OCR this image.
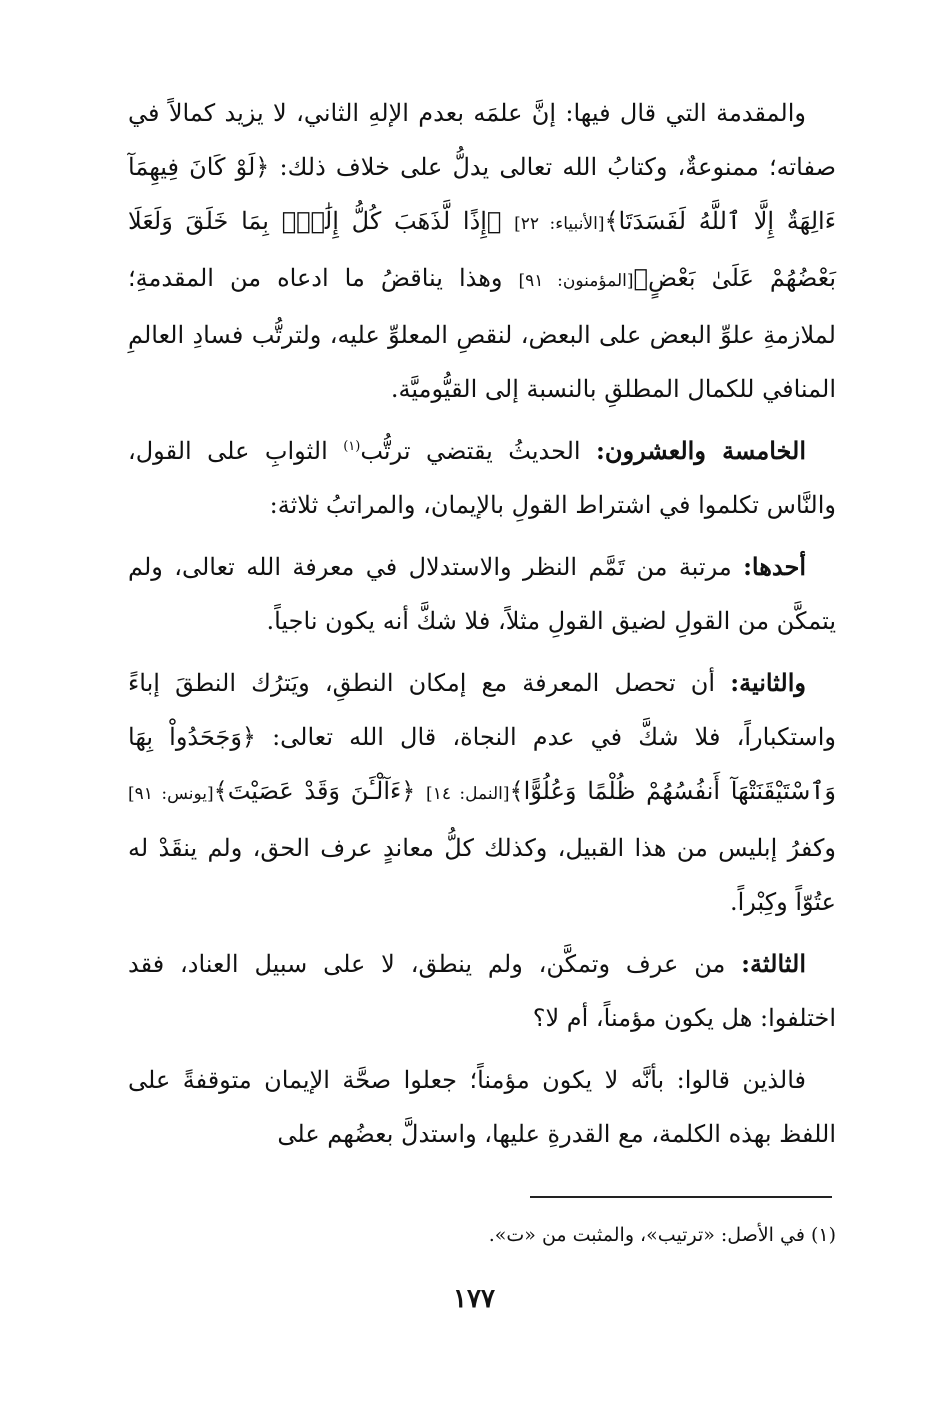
والمقدمة التي قال فيها: إنَّ علمَه بعدم الإلهِ الثاني، لا يزيد كمالاً في صفاته؛ ممنوعةٌ، وكتابُ الله تعالى يدلُّ على خلاف ذلك: ﴿لَوْ كَانَ فِيهِمَآ ءَالِهَةٌ إِلَّا ٱللَّهُ لَفَسَدَتَا﴾[الأنبياء: ٢٢] ﴿إِذًا لَّذَهَبَ كُلُّ إِلَٰهِۭ بِمَا خَلَقَ وَلَعَلَا بَعْضُهُمْ عَلَىٰ بَعْضٍ﴾[المؤمنون: ٩١] وهذا يناقضُ ما ادعاه من المقدمةِ؛ لملازمةِ علوِّ البعض على البعض، لنقصِ المعلوِّ عليه، ولترتُّب فسادِ العالمِ المنافي للكمال المطلقِ بالنسبة إلى القيُّوميَّة.

الخامسة والعشرون: الحديثُ يقتضي ترتُّب$^{(١)}$ الثوابِ على القول، والنَّاس تكلموا في اشتراط القولِ بالإيمان، والمراتبُ ثلاثة:

أحدها: مرتبة من تَمَّم النظر والاستدلال في معرفة الله تعالى، ولم يتمكَّن من القولِ لضيق القولِ مثلاً، فلا شكَّ أنه يكون ناجياً.

والثانية: أن تحصل المعرفة مع إمكان النطقِ، ويَترُك النطقَ إباءً واستكباراً، فلا شكَّ في عدم النجاة، قال الله تعالى: ﴿وَجَحَدُواْ بِهَا وَٱسْتَيْقَنَتْهَآ أَنفُسُهُمْ ظُلْمًا وَعُلُوًّا﴾[النمل: ١٤] ﴿ءَآلْـَٔنَ وَقَدْ عَصَيْتَ﴾[يونس: ٩١] وكفرُ إبليس من هذا القبيل، وكذلك كلُّ معاندٍ عرف الحق، ولم ينقَدْ له عتُوّاً وكِبْراً.

الثالثة: من عرف وتمكَّن، ولم ينطق، لا على سبيل العناد، فقد اختلفوا: هل يكون مؤمناً، أم لا؟

فالذين قالوا: بأنَّه لا يكون مؤمناً؛ جعلوا صحَّة الإيمان متوقفةً على اللفظ بهذه الكلمة، مع القدرةِ عليها، واستدلَّ بعضُهم على

(١) في الأصل: «ترتيب»، والمثبت من «ت».
١٧٧
